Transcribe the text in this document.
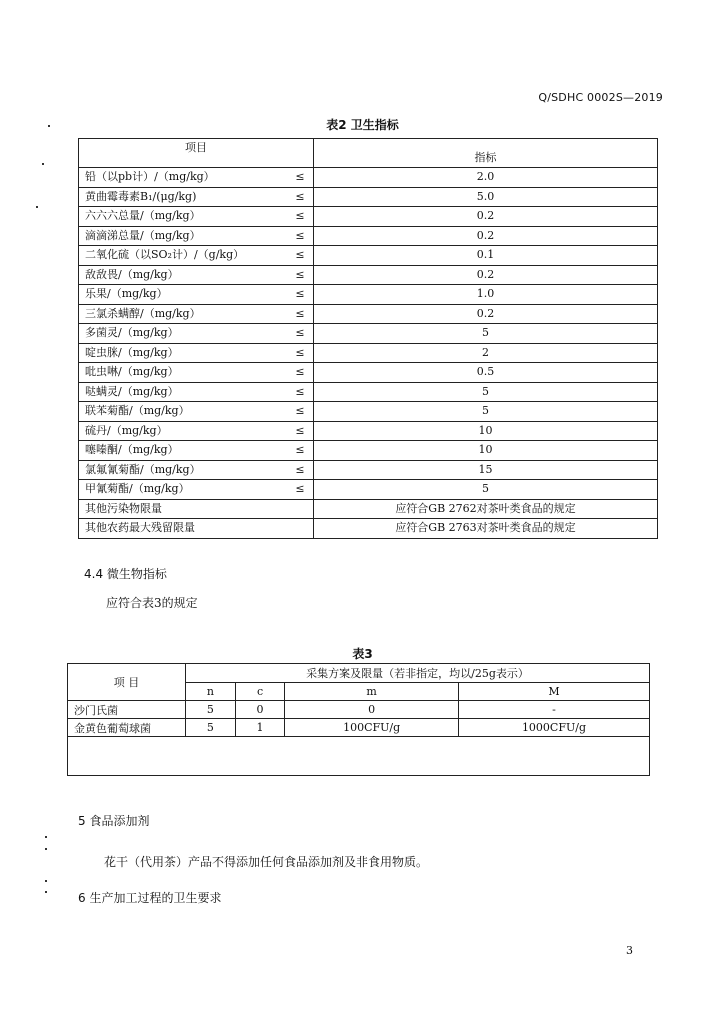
Q/SDHC 0002S—2019
表2 卫生指标
项目		指标
铅（以pb计）/（mg/kg）	≤	2.0
黄曲霉毒素B₁/(μg/kg)	≤	5.0
六六六总量/（mg/kg）	≤	0.2
滴滴涕总量/（mg/kg）	≤	0.2
二氧化硫（以SO₂计）/（g/kg）	≤	0.1
敌敌畏/（mg/kg）	≤	0.2
乐果/（mg/kg）	≤	1.0
三氯杀螨醇/（mg/kg）	≤	0.2
多菌灵/（mg/kg）	≤	5
啶虫脒/（mg/kg）	≤	2
吡虫啉/（mg/kg）	≤	0.5
哒螨灵/（mg/kg）	≤	5
联苯菊酯/（mg/kg）	≤	5
硫丹/（mg/kg）	≤	10
噻嗪酮/（mg/kg）	≤	10
氯氟氰菊酯/（mg/kg）	≤	15
甲氰菊酯/（mg/kg）	≤	5
其他污染物限量		应符合GB 2762对茶叶类食品的规定
其他农药最大残留限量		应符合GB 2763对茶叶类食品的规定
表3
项 目	采集方案及限量（若非指定，均以/25g表示）			
	n	c	m	M
沙门氏菌	5	0	0	-
金黄色葡萄球菌	5	1	100CFU/g	1000CFU/g

4.4 微生物指标
应符合表3的规定
5 食品添加剂
花干（代用茶）产品不得添加任何食品添加剂及非食用物质。
6 生产加工过程的卫生要求
3
